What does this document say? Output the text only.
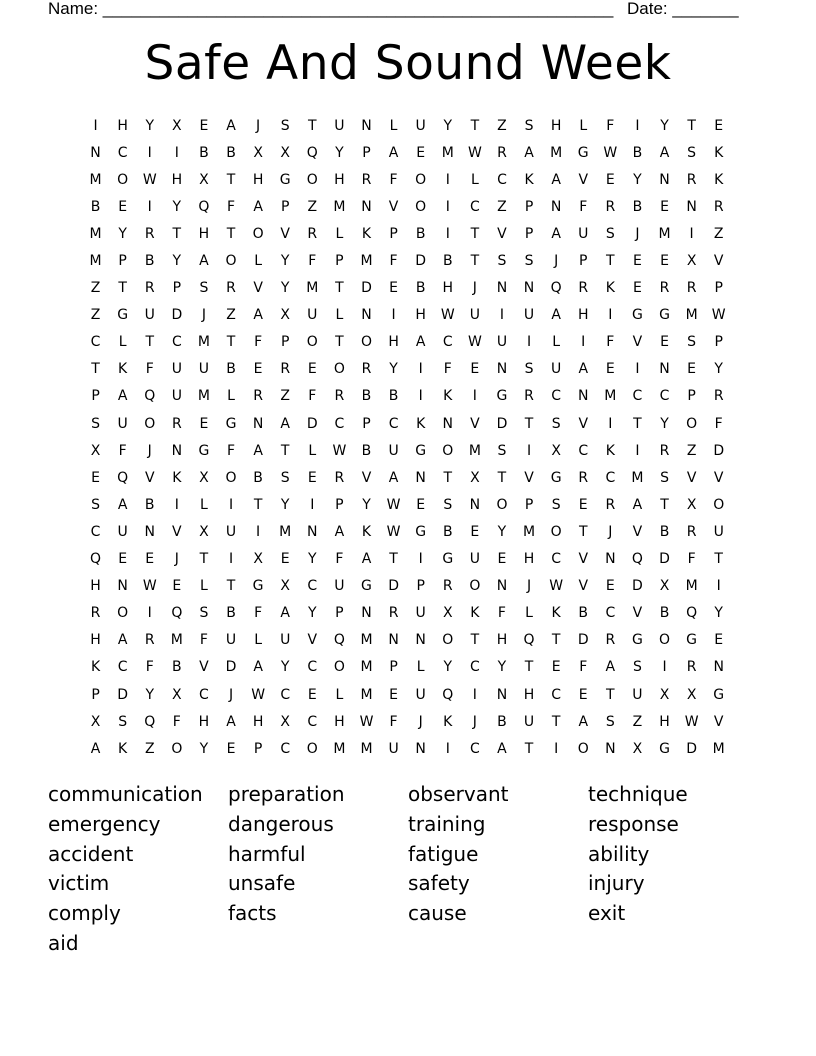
Name: ______________________________________________________ Date: _______
Safe And Sound Week
I	H	Y	X	E	A	J	S	T	U	N	L	U	Y	T	Z	S	H	L	F	I	Y	T	E
N	C	I	I	B	B	X	X	Q	Y	P	A	E	M	W	R	A	M	G	W	B	A	S	K
M	O	W	H	X	T	H	G	O	H	R	F	O	I	L	C	K	A	V	E	Y	N	R	K
B	E	I	Y	Q	F	A	P	Z	M	N	V	O	I	C	Z	P	N	F	R	B	E	N	R
M	Y	R	T	H	T	O	V	R	L	K	P	B	I	T	V	P	A	U	S	J	M	I	Z
M	P	B	Y	A	O	L	Y	F	P	M	F	D	B	T	S	S	J	P	T	E	E	X	V
Z	T	R	P	S	R	V	Y	M	T	D	E	B	H	J	N	N	Q	R	K	E	R	R	P
Z	G	U	D	J	Z	A	X	U	L	N	I	H	W	U	I	U	A	H	I	G	G	M	W
C	L	T	C	M	T	F	P	O	T	O	H	A	C	W	U	I	L	I	F	V	E	S	P
T	K	F	U	U	B	E	R	E	O	R	Y	I	F	E	N	S	U	A	E	I	N	E	Y
P	A	Q	U	M	L	R	Z	F	R	B	B	I	K	I	G	R	C	N	M	C	C	P	R
S	U	O	R	E	G	N	A	D	C	P	C	K	N	V	D	T	S	V	I	T	Y	O	F
X	F	J	N	G	F	A	T	L	W	B	U	G	O	M	S	I	X	C	K	I	R	Z	D
E	Q	V	K	X	O	B	S	E	R	V	A	N	T	X	T	V	G	R	C	M	S	V	V
S	A	B	I	L	I	T	Y	I	P	Y	W	E	S	N	O	P	S	E	R	A	T	X	O
C	U	N	V	X	U	I	M	N	A	K	W	G	B	E	Y	M	O	T	J	V	B	R	U
Q	E	E	J	T	I	X	E	Y	F	A	T	I	G	U	E	H	C	V	N	Q	D	F	T
H	N	W	E	L	T	G	X	C	U	G	D	P	R	O	N	J	W	V	E	D	X	M	I
R	O	I	Q	S	B	F	A	Y	P	N	R	U	X	K	F	L	K	B	C	V	B	Q	Y
H	A	R	M	F	U	L	U	V	Q	M	N	N	O	T	H	Q	T	D	R	G	O	G	E
K	C	F	B	V	D	A	Y	C	O	M	P	L	Y	C	Y	T	E	F	A	S	I	R	N
P	D	Y	X	C	J	W	C	E	L	M	E	U	Q	I	N	H	C	E	T	U	X	X	G
X	S	Q	F	H	A	H	X	C	H	W	F	J	K	J	B	U	T	A	S	Z	H	W	V
A	K	Z	O	Y	E	P	C	O	M	M	U	N	I	C	A	T	I	O	N	X	G	D	M
communication	preparation	observant	technique
emergency	dangerous	training	response
accident	harmful	fatigue	ability
victim	unsafe	safety	injury
comply	facts	cause	exit
aid
